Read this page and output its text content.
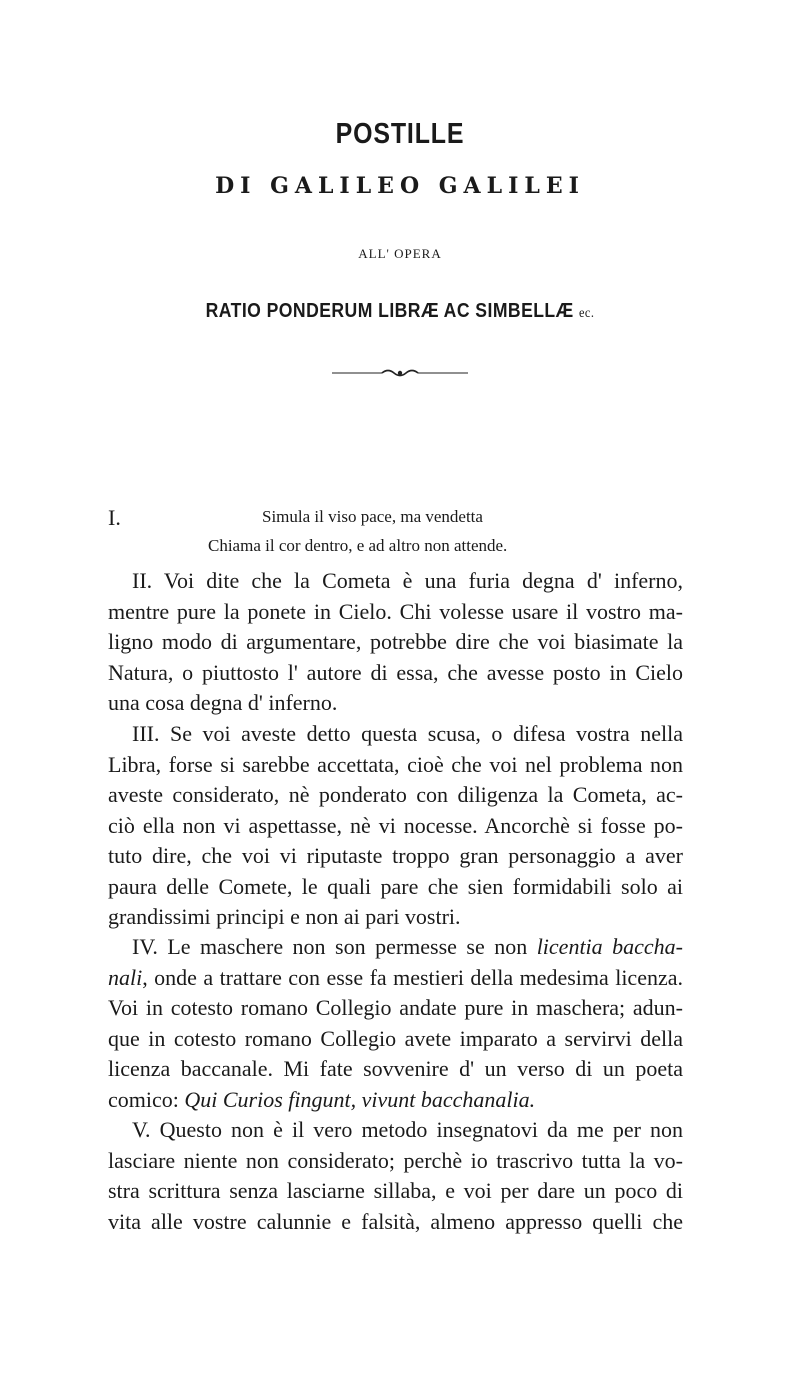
POSTILLE
DI GALILEO GALILEI
ALL' OPERA
RATIO PONDERUM LIBRÆ AC SIMBELLÆ ec.
I.	Simula il viso pace, ma vendetta
Chiama il cor dentro, e ad altro non attende.
II. Voi dite che la Cometa è una furia degna d' inferno,
mentre pure la ponete in Cielo. Chi volesse usare il vostro ma-
ligno modo di argumentare, potrebbe dire che voi biasimate la
Natura, o piuttosto l' autore di essa, che avesse posto in Cielo
una cosa degna d' inferno.
III. Se voi aveste detto questa scusa, o difesa vostra nella
Libra, forse si sarebbe accettata, cioè che voi nel problema non
aveste considerato, nè ponderato con diligenza la Cometa, ac-
ciò ella non vi aspettasse, nè vi nocesse. Ancorchè si fosse po-
tuto dire, che voi vi riputaste troppo gran personaggio a aver
paura delle Comete, le quali pare che sien formidabili solo ai
grandissimi principi e non ai pari vostri.
IV. Le maschere non son permesse se non licentia baccha-
nali, onde a trattare con esse fa mestieri della medesima licenza.
Voi in cotesto romano Collegio andate pure in maschera; adun-
que in cotesto romano Collegio avete imparato a servirvi della
licenza baccanale. Mi fate sovvenire d' un verso di un poeta
comico: Qui Curios fingunt, vivunt bacchanalia.
V. Questo non è il vero metodo insegnatovi da me per non
lasciare niente non considerato; perchè io trascrivo tutta la vo-
stra scrittura senza lasciarne sillaba, e voi per dare un poco di
vita alle vostre calunnie e falsità, almeno appresso quelli che
